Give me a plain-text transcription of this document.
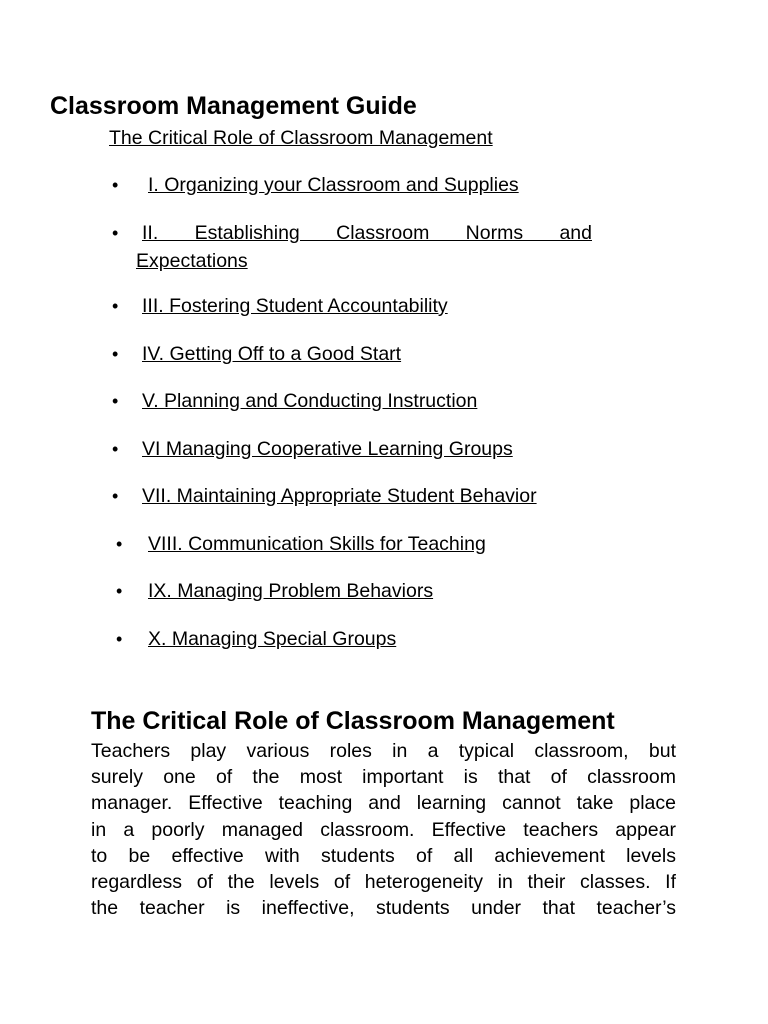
Classroom Management Guide
The Critical Role of Classroom Management
• I. Organizing your Classroom and Supplies
• II. Establishing Classroom Norms and
Expectations
• III. Fostering Student Accountability
• IV. Getting Off to a Good Start
• V. Planning and Conducting Instruction
• VI Managing Cooperative Learning Groups
• VII. Maintaining Appropriate Student Behavior
• VIII. Communication Skills for Teaching
• IX. Managing Problem Behaviors
• X. Managing Special Groups
The Critical Role of Classroom Management
Teachers play various roles in a typical classroom, but
surely one of the most important is that of classroom
manager. Effective teaching and learning cannot take place
in a poorly managed classroom. Effective teachers appear
to be effective with students of all achievement levels
regardless of the levels of heterogeneity in their classes. If
the teacher is ineffective, students under that teacher’s
